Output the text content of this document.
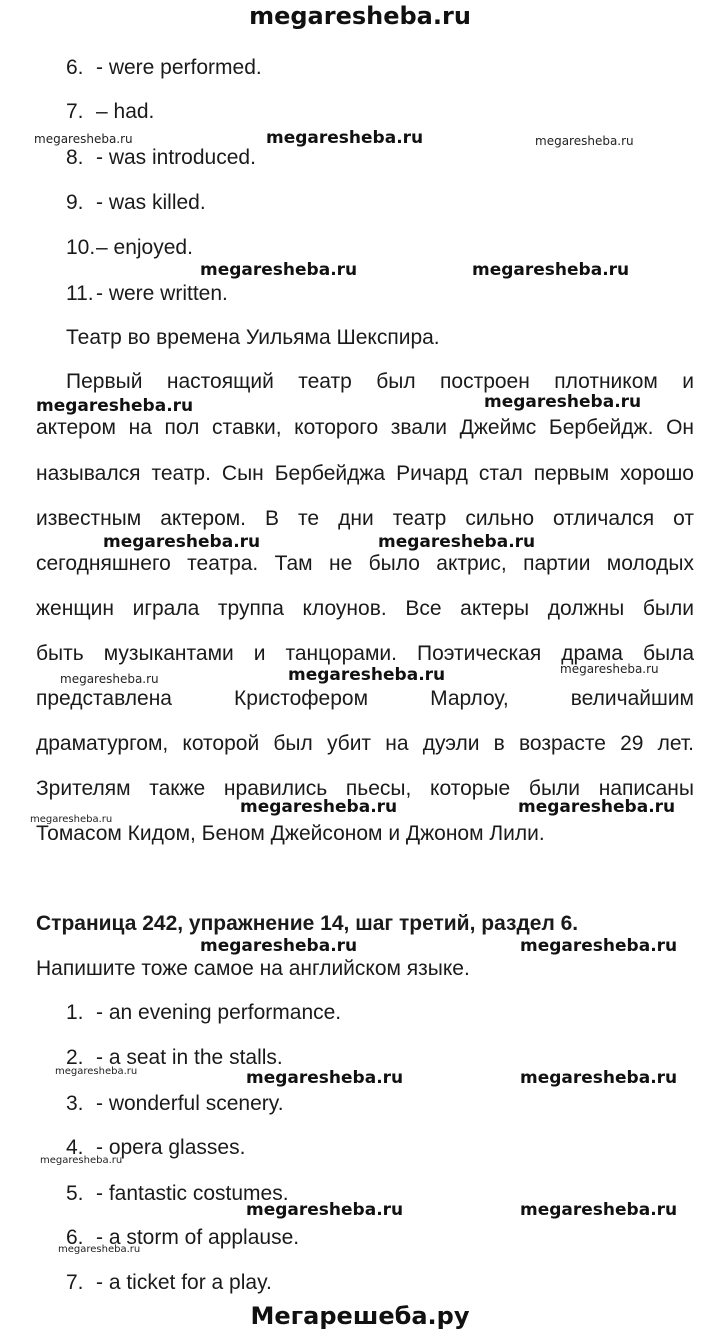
megaresheba.ru
6. - were performed.
7. – had.
8. - was introduced.
9. - was killed.
10.– enjoyed.
11. - were written.
Театр во времена Уильяма Шекспира.
Первый настоящий театр был построен плотником и
актером на пол ставки, которого звали Джеймс Бербейдж. Он
назывался театр. Сын Бербейджа Ричард стал первым хорошо
известным актером. В те дни театр сильно отличался от
сегодняшнего театра. Там не было актрис, партии молодых
женщин играла труппа клоунов. Все актеры должны были
быть музыкантами и танцорами. Поэтическая драма была
представлена Кристофером Марлоу, величайшим
драматургом, которой был убит на дуэли в возрасте 29 лет.
Зрителям также нравились пьесы, которые были написаны
Томасом Кидом, Беном Джейсоном и Джоном Лили.
Страница 242, упражнение 14, шаг третий, раздел 6.
Напишите тоже самое на английском языке.
1. - an evening performance.
2. - a seat in the stalls.
3. - wonderful scenery.
4. - opera glasses.
5. - fantastic costumes.
6. - a storm of applause.
7. - a ticket for a play.
Мегарешеба.ру
megaresheba.ru	megaresheba.ru	megaresheba.ru
megaresheba.ru	megaresheba.ru
megaresheba.ru	megaresheba.ru
megaresheba.ru	megaresheba.ru
megaresheba.ru	megaresheba.ru	megaresheba.ru
megaresheba.ru
megaresheba.ru	megaresheba.ru
megaresheba.ru	megaresheba.ru
megaresheba.ru	megaresheba.ru	megaresheba.ru
megaresheba.ru
megaresheba.ru	megaresheba.ru
megaresheba.ru
